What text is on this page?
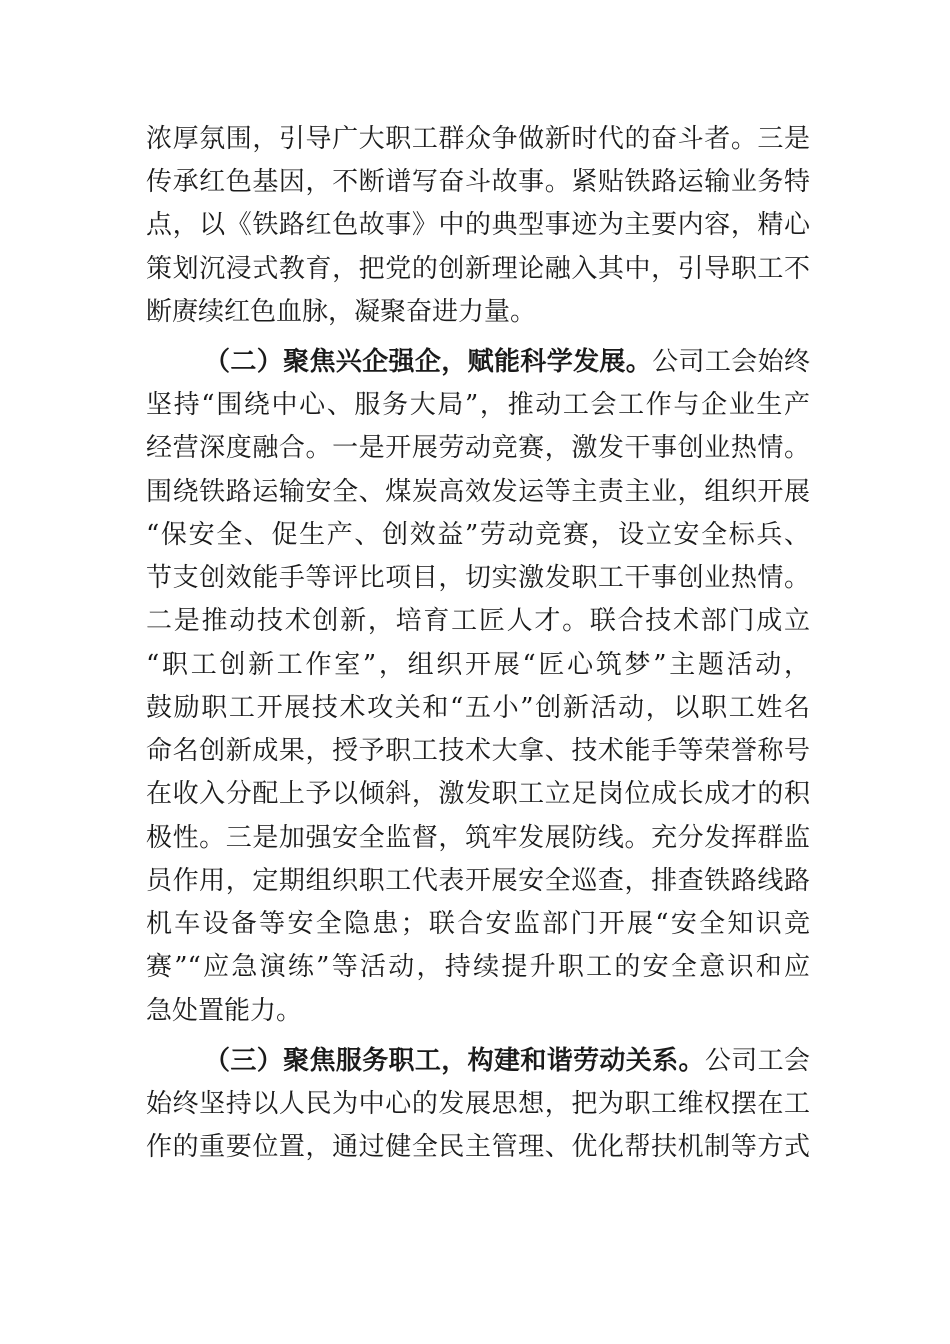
浓厚氛围，引导广大职工群众争做新时代的奋斗者。三是
传承红色基因，不断谱写奋斗故事。紧贴铁路运输业务特
点，以《铁路红色故事》中的典型事迹为主要内容，精心
策划沉浸式教育，把党的创新理论融入其中，引导职工不
断赓续红色血脉，凝聚奋进力量。
（二）聚焦兴企强企，赋能科学发展。公司工会始终
坚持“围绕中心、服务大局”，推动工会工作与企业生产
经营深度融合。一是开展劳动竞赛，激发干事创业热情。
围绕铁路运输安全、煤炭高效发运等主责主业，组织开展
“保安全、促生产、创效益”劳动竞赛，设立安全标兵、
节支创效能手等评比项目，切实激发职工干事创业热情。
二是推动技术创新，培育工匠人才。联合技术部门成立
“职工创新工作室”，组织开展“匠心筑梦”主题活动，
鼓励职工开展技术攻关和“五小”创新活动，以职工姓名
命名创新成果，授予职工技术大拿、技术能手等荣誉称号
在收入分配上予以倾斜，激发职工立足岗位成长成才的积
极性。三是加强安全监督，筑牢发展防线。充分发挥群监
员作用，定期组织职工代表开展安全巡查，排查铁路线路
机车设备等安全隐患；联合安监部门开展“安全知识竞
赛”“应急演练”等活动，持续提升职工的安全意识和应
急处置能力。
（三）聚焦服务职工，构建和谐劳动关系。公司工会
始终坚持以人民为中心的发展思想，把为职工维权摆在工
作的重要位置，通过健全民主管理、优化帮扶机制等方式
